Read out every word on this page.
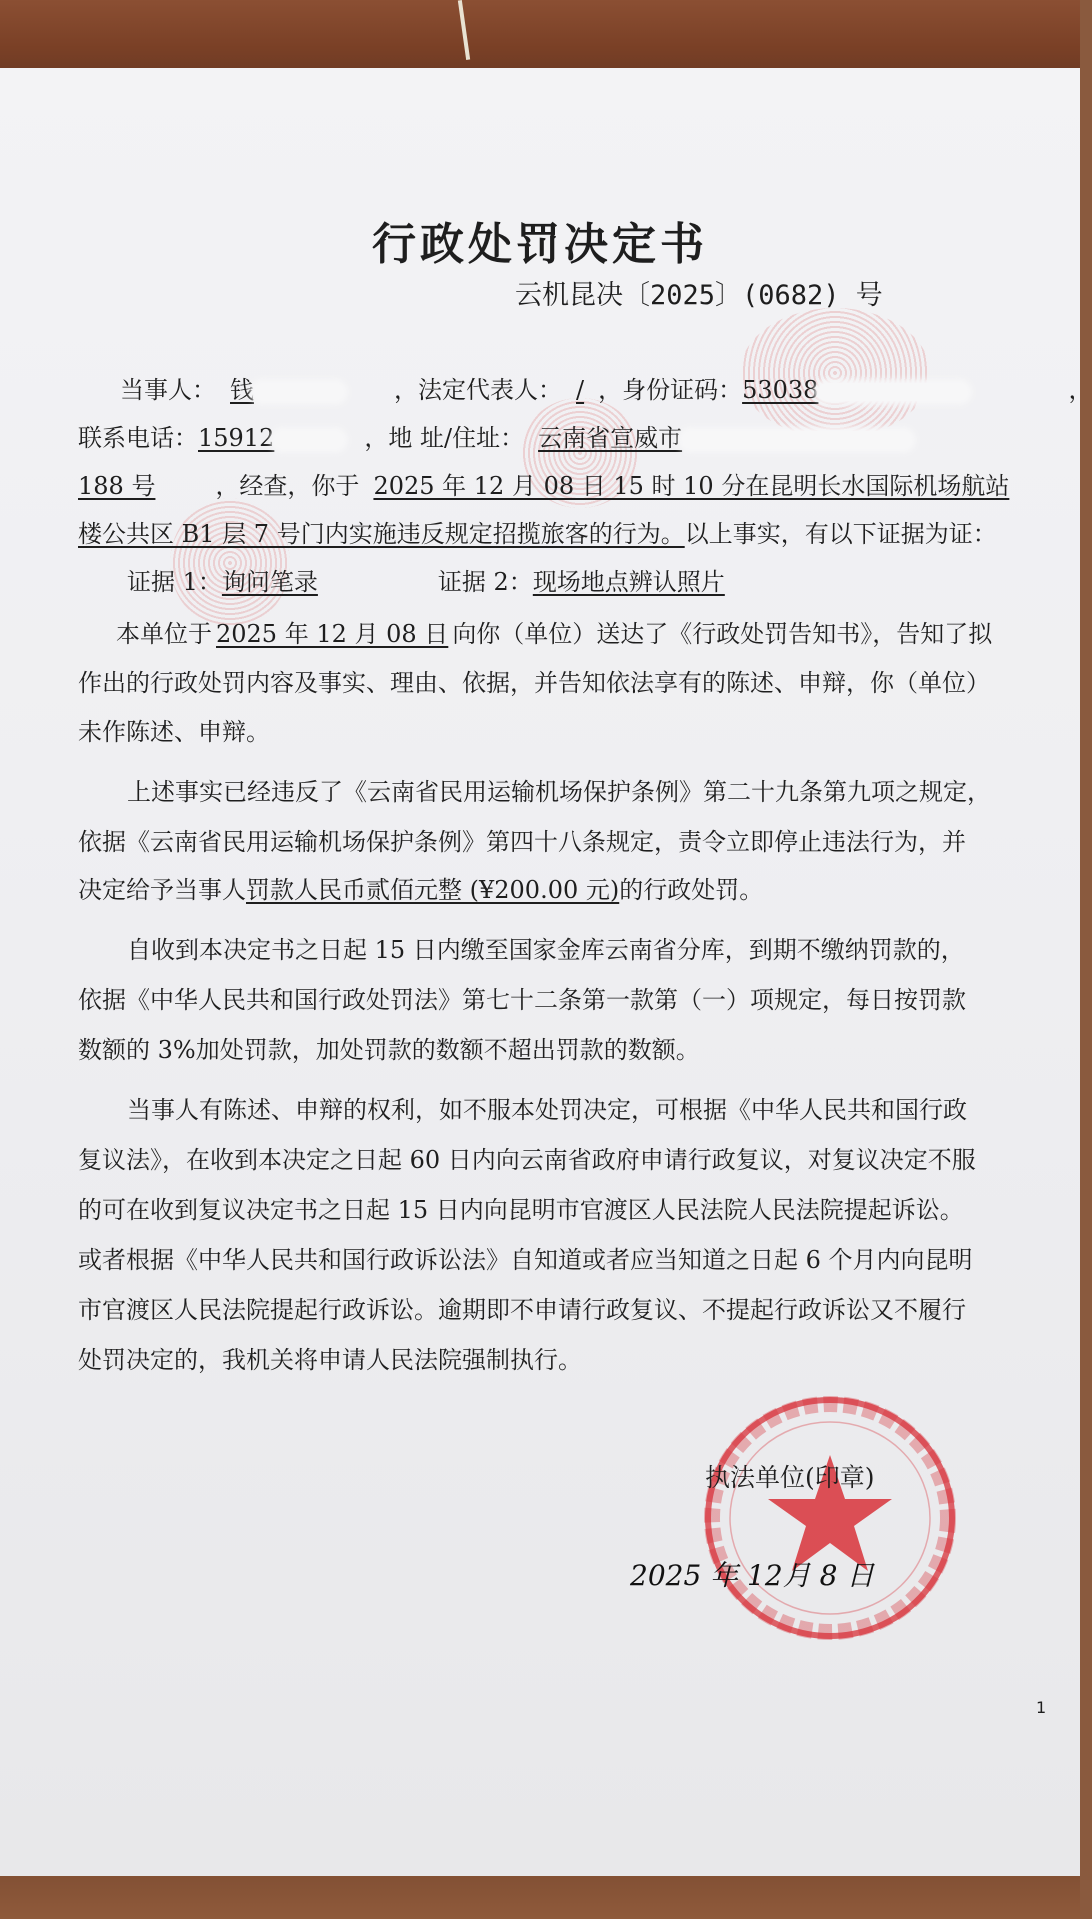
行政处罚决定书
云机昆决〔2025〕(0682) 号
当事人： 钱	，法定代表人： / ，身份证码：53038	，
联系电话：15912	，地 址/住址： 云南省宣威市
188 号	，经查，你于 2025 年 12 月 08 日 15 时 10 分在昆明长水国际机场航站
楼公共区 B1 层 7 号门内实施违反规定招揽旅客的行为。以上事实，有以下证据为证：
证据 1：询问笔录	证据 2：现场地点辨认照片
本单位于 2025 年 12 月 08 日 向你（单位）送达了《行政处罚告知书》，告知了拟
作出的行政处罚内容及事实、理由、依据，并告知依法享有的陈述、申辩，你（单位）
未作陈述、申辩。
上述事实已经违反了《云南省民用运输机场保护条例》第二十九条第九项之规定，
依据《云南省民用运输机场保护条例》第四十八条规定，责令立即停止违法行为，并
决定给予当事人罚款人民币贰佰元整 (¥200.00 元)的行政处罚。
自收到本决定书之日起 15 日内缴至国家金库云南省分库，到期不缴纳罚款的，
依据《中华人民共和国行政处罚法》第七十二条第一款第（一）项规定，每日按罚款
数额的 3%加处罚款，加处罚款的数额不超出罚款的数额。
当事人有陈述、申辩的权利，如不服本处罚决定，可根据《中华人民共和国行政
复议法》，在收到本决定之日起 60 日内向云南省政府申请行政复议，对复议决定不服
的可在收到复议决定书之日起 15 日内向昆明市官渡区人民法院人民法院提起诉讼。
或者根据《中华人民共和国行政诉讼法》自知道或者应当知道之日起 6 个月内向昆明
市官渡区人民法院提起行政诉讼。逾期即不申请行政复议、不提起行政诉讼又不履行
处罚决定的，我机关将申请人民法院强制执行。
执法单位(印章)
2025 年 12月 8 日
1
